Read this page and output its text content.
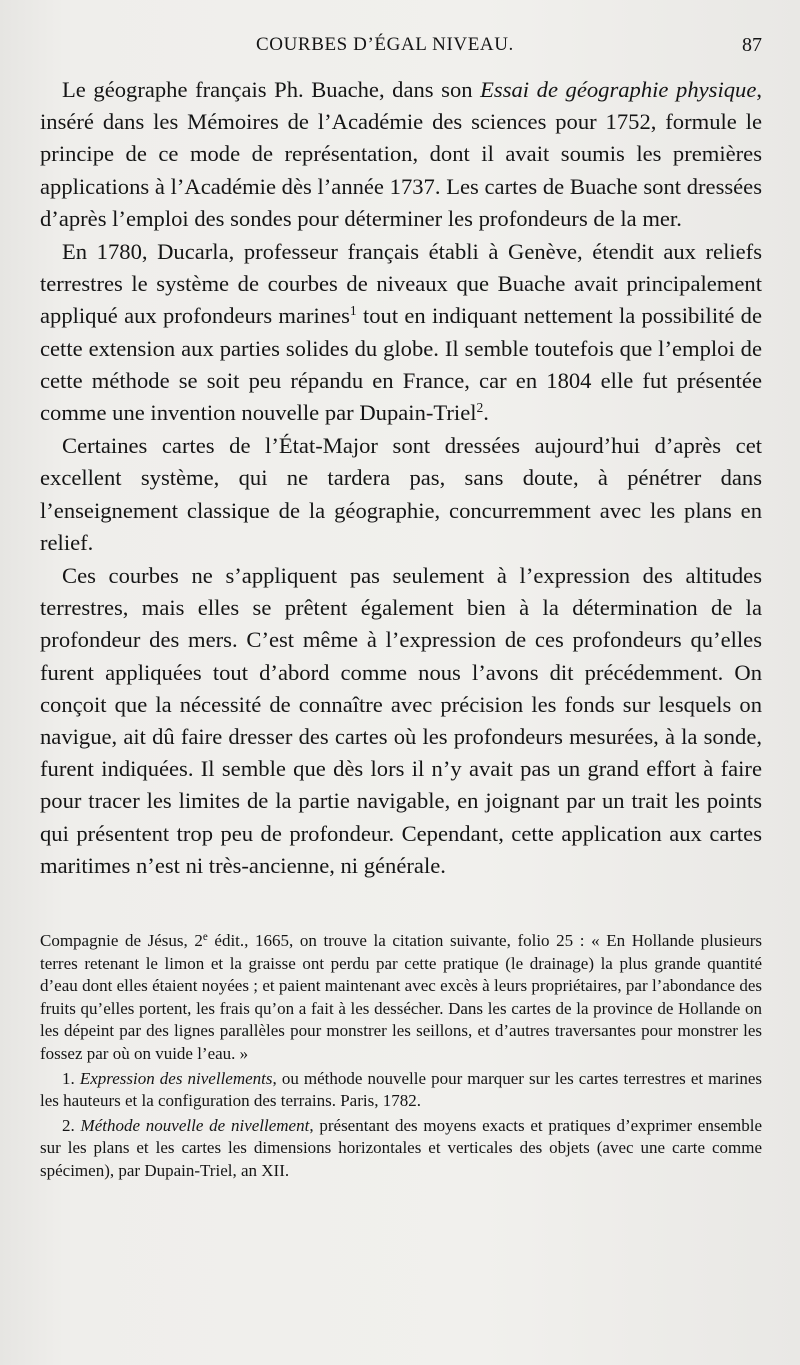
COURBES D’ÉGAL NIVEAU.	87

Le géographe français Ph. Buache, dans son Essai de géographie physique, inséré dans les Mémoires de l’Académie des sciences pour 1752, formule le principe de ce mode de représentation, dont il avait soumis les premières applications à l’Académie dès l’année 1737. Les cartes de Buache sont dressées d’après l’emploi des sondes pour déterminer les profondeurs de la mer.

En 1780, Ducarla, professeur français établi à Genève, étendit aux reliefs terrestres le système de courbes de niveaux que Buache avait principalement appliqué aux profondeurs marines$^1$ tout en indiquant nettement la possibilité de cette extension aux parties solides du globe. Il semble toutefois que l’emploi de cette méthode se soit peu répandu en France, car en 1804 elle fut présentée comme une invention nouvelle par Dupain-Triel$^2$.

Certaines cartes de l’État-Major sont dressées aujourd’hui d’après cet excellent système, qui ne tardera pas, sans doute, à pénétrer dans l’enseignement classique de la géographie, concurremment avec les plans en relief.

Ces courbes ne s’appliquent pas seulement à l’expression des altitudes terrestres, mais elles se prêtent également bien à la détermination de la profondeur des mers. C’est même à l’expression de ces profondeurs qu’elles furent appliquées tout d’abord comme nous l’avons dit précédemment. On conçoit que la nécessité de connaître avec précision les fonds sur lesquels on navigue, ait dû faire dresser des cartes où les profondeurs mesurées, à la sonde, furent indiquées. Il semble que dès lors il n’y avait pas un grand effort à faire pour tracer les limites de la partie navigable, en joignant par un trait les points qui présentent trop peu de profondeur. Cependant, cette application aux cartes maritimes n’est ni très-ancienne, ni générale.

Compagnie de Jésus, 2e édit., 1665, on trouve la citation suivante, folio 25 : « En Hollande plusieurs terres retenant le limon et la graisse ont perdu par cette pratique (le drainage) la plus grande quantité d’eau dont elles étaient noyées ; et paient maintenant avec excès à leurs propriétaires, par l’abondance des fruits qu’elles portent, les frais qu’on a fait à les dessécher. Dans les cartes de la province de Hollande on les dépeint par des lignes parallèles pour monstrer les seillons, et d’autres traversantes pour monstrer les fossez par où on vuide l’eau. »

1. Expression des nivellements, ou méthode nouvelle pour marquer sur les cartes terrestres et marines les hauteurs et la configuration des terrains. Paris, 1782.

2. Méthode nouvelle de nivellement, présentant des moyens exacts et pratiques d’exprimer ensemble sur les plans et les cartes les dimensions horizontales et verticales des objets (avec une carte comme spécimen), par Dupain-Triel, an XII.
